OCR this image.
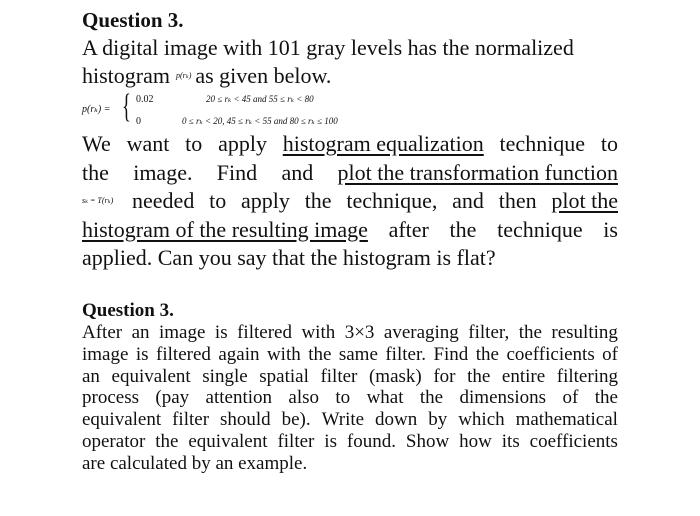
Question 3.
A digital image with 101 gray levels has the normalized
histogram $^{p(r_k)}$ as given below.
p(rₖ) = { 0.02	20 ≤ rₖ < 45 and 55 ≤ rₖ < 80
0	0 ≤ rₖ < 20, 45 ≤ rₖ < 55 and 80 ≤ rₖ ≤ 100
We want to apply histogram equalization technique to
the image. Find and plot the transformation function
sₖ = T(rₖ) needed to apply the technique, and then plot the
histogram of the resulting image after the technique is
applied. Can you say that the histogram is flat?
Question 3.
After an image is filtered with 3×3 averaging filter, the resulting
image is filtered again with the same filter. Find the coefficients of
an equivalent single spatial filter (mask) for the entire filtering
process (pay attention also to what the dimensions of the
equivalent filter should be). Write down by which mathematical
operator the equivalent filter is found. Show how its coefficients
are calculated by an example.
